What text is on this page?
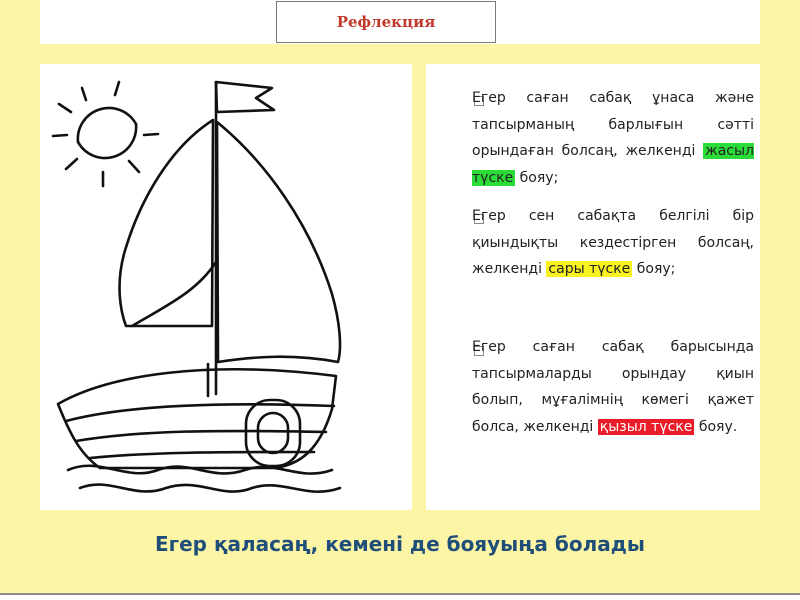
Рефлекция
Егер саған сабақ ұнаса және тапсырманың барлығын сәтті орындаған болсаң, желкенді жасыл түске бояу;
Егер сен сабақта белгілі бір қиындықты кездестірген болсаң, желкенді сары түске бояу;
Егер саған сабақ барысында тапсырмаларды орындау қиын болып, мұғалімнің көмегі қажет болса, желкенді қызыл түске бояу.
Егер қаласаң, кемені де бояуыңа болады
